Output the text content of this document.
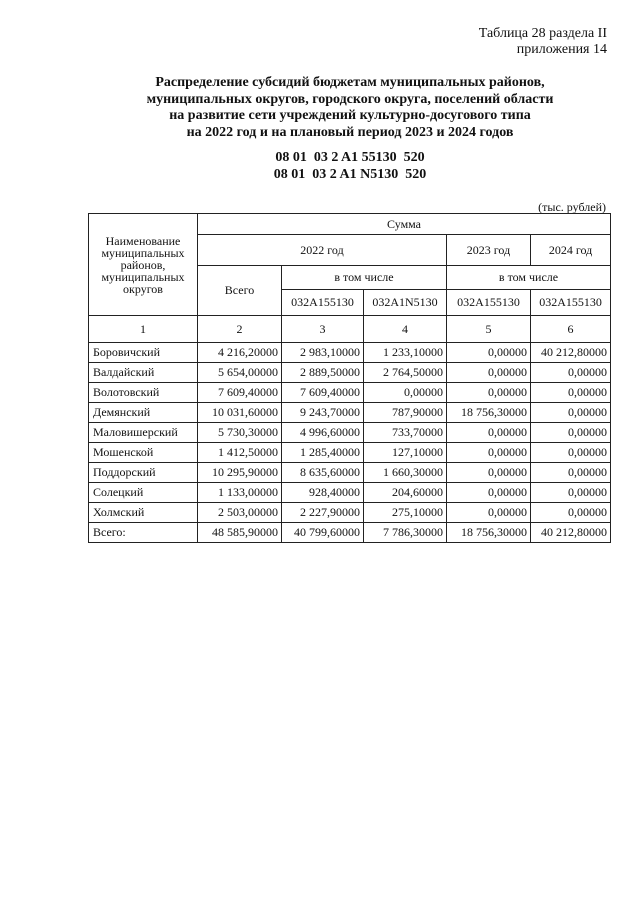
Таблица 28 раздела II
приложения 14
Распределение субсидий бюджетам муниципальных районов,
муниципальных округов, городского округа, поселений области
на развитие сети учреждений культурно-досугового типа
на 2022 год и на плановый период 2023 и 2024 годов
08 01  03 2 A1 55130  520
08 01  03 2 A1 N5130  520
(тыс. рублей)
Наименование муниципальных районов, муниципальных округов	Сумма				
	2022 год			2023 год	2024 год
	Всего	в том числе		в том числе	
		032A155130	032A1N5130	032A155130	032A155130
1	2	3	4	5	6
Боровичский	4 216,20000	2 983,10000	1 233,10000	0,00000	40 212,80000
Валдайский	5 654,00000	2 889,50000	2 764,50000	0,00000	0,00000
Волотовский	7 609,40000	7 609,40000	0,00000	0,00000	0,00000
Демянский	10 031,60000	9 243,70000	787,90000	18 756,30000	0,00000
Маловишерский	5 730,30000	4 996,60000	733,70000	0,00000	0,00000
Мошенской	1 412,50000	1 285,40000	127,10000	0,00000	0,00000
Поддорский	10 295,90000	8 635,60000	1 660,30000	0,00000	0,00000
Солецкий	1 133,00000	928,40000	204,60000	0,00000	0,00000
Холмский	2 503,00000	2 227,90000	275,10000	0,00000	0,00000
Всего:	48 585,90000	40 799,60000	7 786,30000	18 756,30000	40 212,80000
